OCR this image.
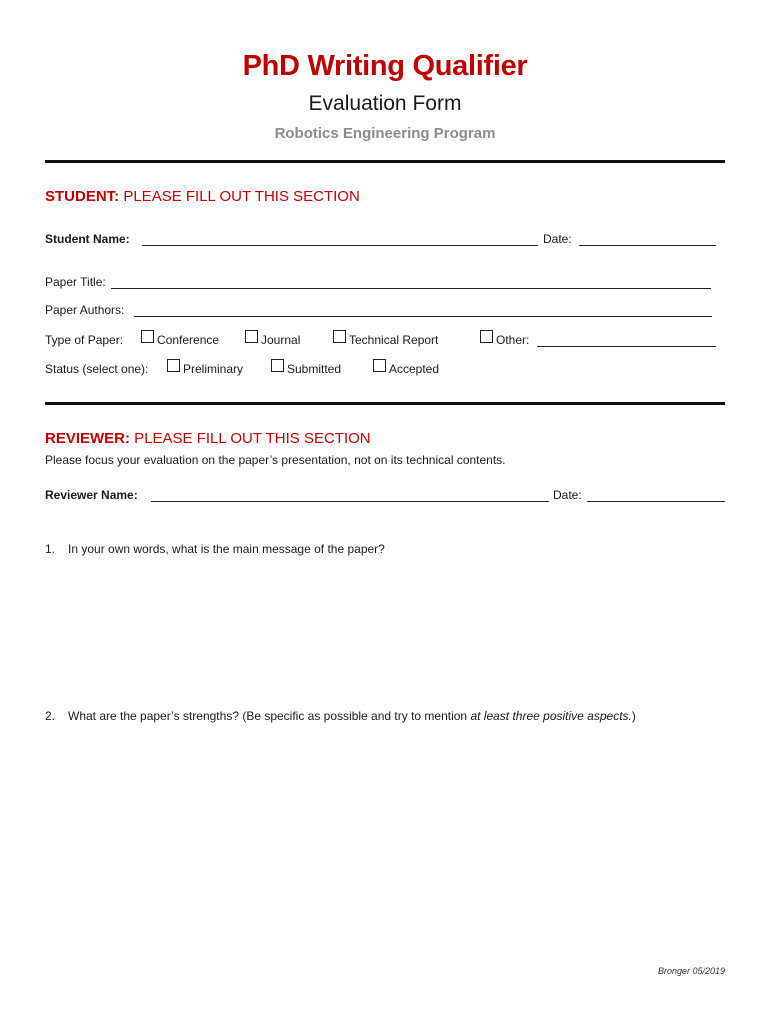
PhD Writing Qualifier
Evaluation Form
Robotics Engineering Program
STUDENT: PLEASE FILL OUT THIS SECTION
Student Name:	Date:
Paper Title:
Paper Authors:
Type of Paper:	Conference	Journal	Technical Report	Other:
Status (select one):	Preliminary	Submitted	Accepted
REVIEWER: PLEASE FILL OUT THIS SECTION
Please focus your evaluation on the paper’s presentation, not on its technical contents.
Reviewer Name:	Date:
1. In your own words, what is the main message of the paper?
2. What are the paper’s strengths? (Be specific as possible and try to mention at least three positive aspects.)
Bronger 05/2019
